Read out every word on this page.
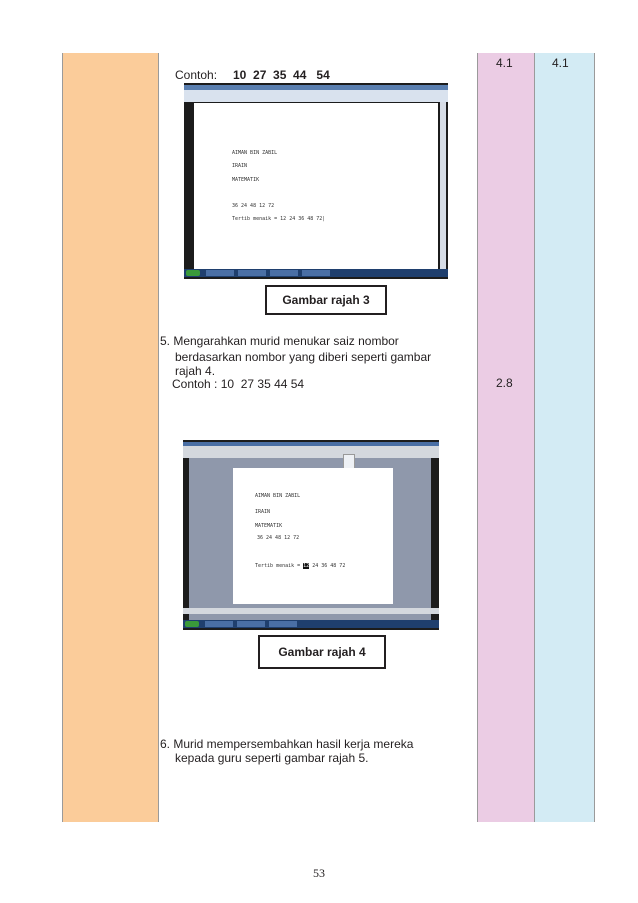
4.1	4.1
2.8
Contoh: 10  27  35  44   54
AIMAN BIN ZABIL
IRAIN
MATEMATIK
36 24 48 12 72
Tertib menaik = 12 24 36 48 72|
Gambar rajah 3
5. Mengarahkan murid menukar saiz nombor
berdasarkan nombor yang diberi seperti gambar
rajah 4.
Contoh : 10  27 35 44 54
AIMAN BIN ZABIL
IRAIN
MATEMATIK
36 24 48 12 72
Tertib menaik = 12 24 36 48 72
Gambar rajah 4
6. Murid mempersembahkan hasil kerja mereka
kepada guru seperti gambar rajah 5.
53
